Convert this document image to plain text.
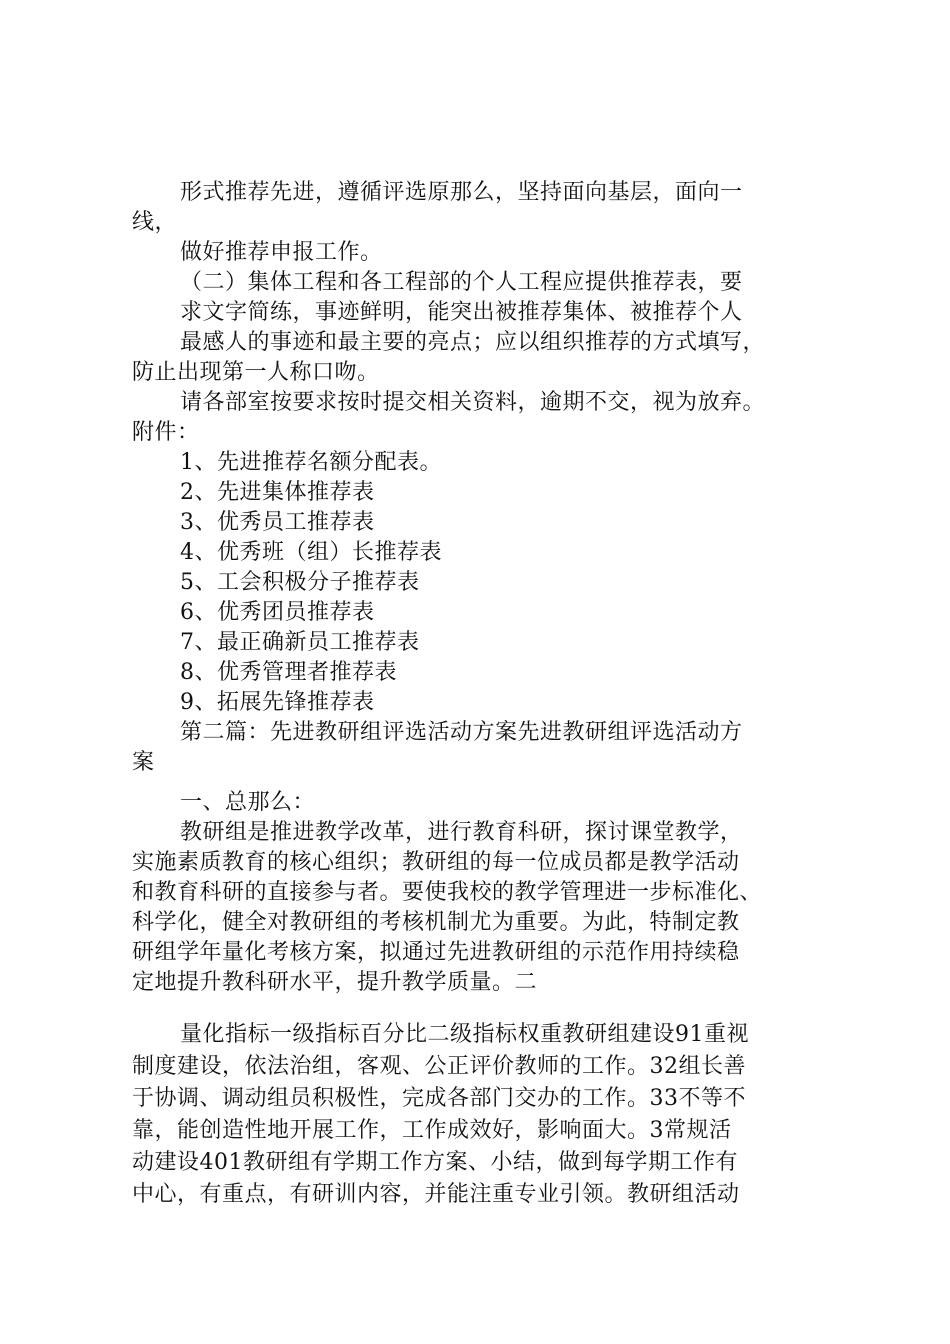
形式推荐先进，遵循评选原那么，坚持面向基层，面向一
线，
做好推荐申报工作。
（二）集体工程和各工程部的个人工程应提供推荐表，要
求文字简练，事迹鲜明，能突出被推荐集体、被推荐个人
最感人的事迹和最主要的亮点；应以组织推荐的方式填写，
防止出现第一人称口吻。
请各部室按要求按时提交相关资料，逾期不交，视为放弃。
附件：
1、先进推荐名额分配表。
2、先进集体推荐表
3、优秀员工推荐表
4、优秀班（组）长推荐表
5、工会积极分子推荐表
6、优秀团员推荐表
7、最正确新员工推荐表
8、优秀管理者推荐表
9、拓展先锋推荐表
第二篇：先进教研组评选活动方案先进教研组评选活动方
案
一、总那么：
教研组是推进教学改革，进行教育科研，探讨课堂教学，
实施素质教育的核心组织；教研组的每一位成员都是教学活动
和教育科研的直接参与者。要使我校的教学管理进一步标准化、
科学化，健全对教研组的考核机制尤为重要。为此，特制定教
研组学年量化考核方案，拟通过先进教研组的示范作用持续稳
定地提升教科研水平，提升教学质量。二
量化指标一级指标百分比二级指标权重教研组建设91重视
制度建设，依法治组，客观、公正评价教师的工作。32组长善
于协调、调动组员积极性，完成各部门交办的工作。33不等不
靠，能创造性地开展工作，工作成效好，影响面大。3常规活
动建设401教研组有学期工作方案、小结，做到每学期工作有
中心，有重点，有研训内容，并能注重专业引领。教研组活动
